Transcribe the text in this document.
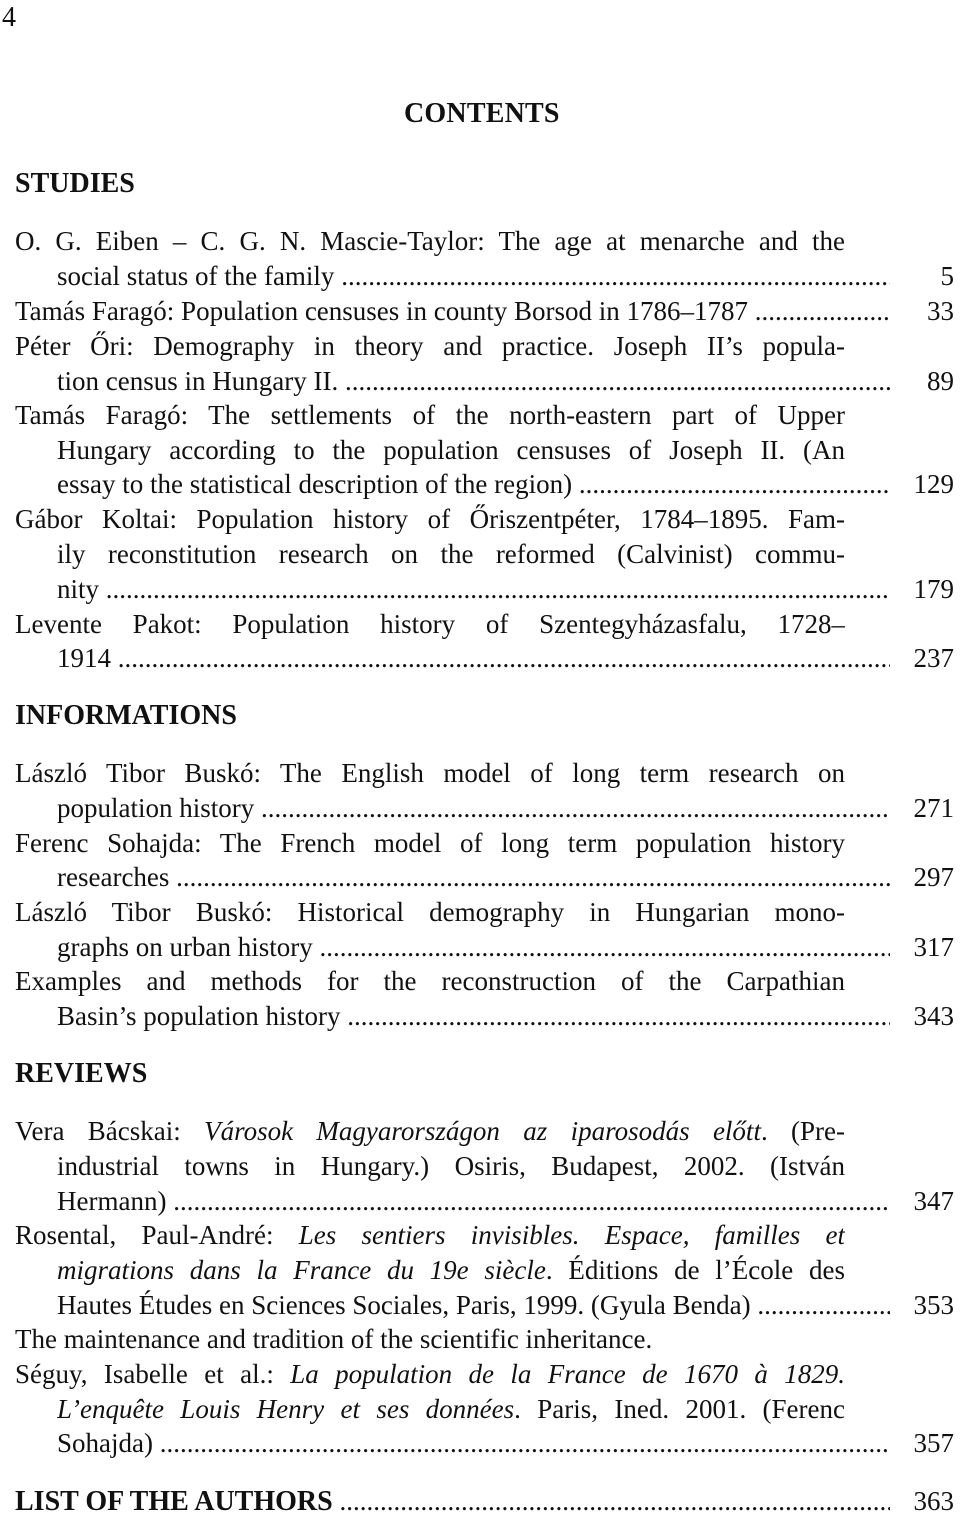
4
CONTENTS
STUDIES
O. G. Eiben – C. G. N. Mascie-Taylor: The age at menarche and the
social status of the family .....	5
Tamás Faragó: Population censuses in county Borsod in 1786–1787 .....	33
Péter Őri: Demography in theory and practice. Joseph II’s popula-
tion census in Hungary II. .....	89
Tamás Faragó: The settlements of the north-eastern part of Upper
Hungary according to the population censuses of Joseph II. (An
essay to the statistical description of the region) .....	129
Gábor Koltai: Population history of Őriszentpéter, 1784–1895. Fam-
ily reconstitution research on the reformed (Calvinist) commu-
nity .....	179
Levente Pakot: Population history of Szentegyházasfalu, 1728–
1914 .....	237
INFORMATIONS
László Tibor Buskó: The English model of long term research on
population history .....	271
Ferenc Sohajda: The French model of long term population history
researches .....	297
László Tibor Buskó: Historical demography in Hungarian mono-
graphs on urban history .....	317
Examples and methods for the reconstruction of the Carpathian
Basin’s population history .....	343
REVIEWS
Vera Bácskai: Városok Magyarországon az iparosodás előtt. (Pre-
industrial towns in Hungary.) Osiris, Budapest, 2002. (István
Hermann) .....	347
Rosental, Paul-André: Les sentiers invisibles. Espace, familles et
migrations dans la France du 19e siècle. Éditions de l’École des
Hautes Études en Sciences Sociales, Paris, 1999. (Gyula Benda) .....	353
The maintenance and tradition of the scientific inheritance.
Séguy, Isabelle et al.: La population de la France de 1670 à 1829.
L’enquête Louis Henry et ses données. Paris, Ined. 2001. (Ferenc
Sohajda) .....	357
LIST OF THE AUTHORS .....	363
